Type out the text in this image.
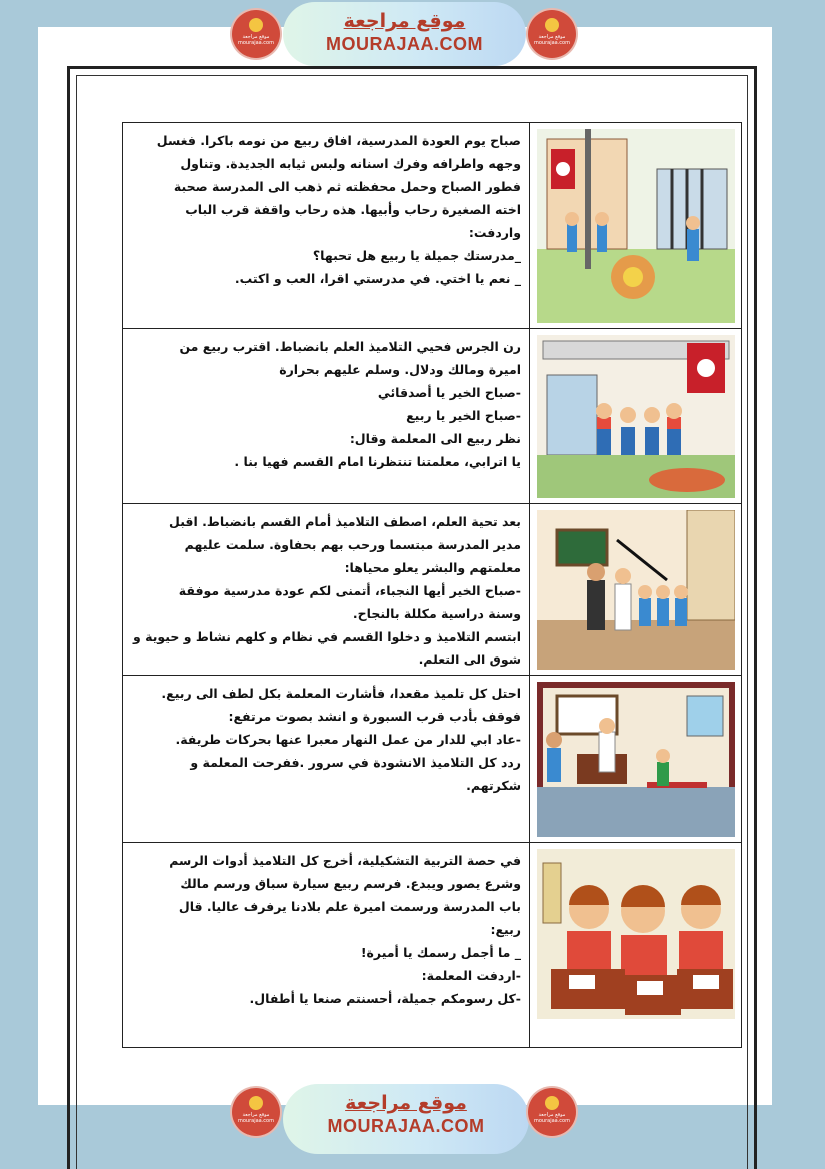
موقع مراجعة mourajaa.com
موقع مراجعة
MOURAJAA.COM	موقع مراجعة mourajaa.com

صباح يوم العودة المدرسية، افاق ربيع من نومه باكرا. فغسل

وجهه واطرافه وفرك اسنانه ولبس ثيابه الجديدة. وتناول

فطور الصباح وحمل محفظته ثم ذهب الى المدرسة صحبة

اخته الصغيرة رحاب وأبيها. هذه رحاب واقفة قرب الباب

واردفت:

_مدرستك جميلة يا ربيع هل تحبها؟

_ نعم يا اختي. في مدرستي اقرا، العب و اكتب.

رن الجرس فحيي التلاميذ العلم بانضباط. اقترب ربيع من

اميرة ومالك ودلال. وسلم عليهم بحرارة

-صباح الخير يا أصدقائي

-صباح الخير يا ربيع

نظر ربيع الى المعلمة وقال:

يا اترابي، معلمتنا تنتظرنا امام القسم فهيا بنا .

بعد تحية العلم، اصطف التلاميذ أمام القسم بانضباط. اقبل

مدير المدرسة مبتسما ورحب بهم بحفاوة. سلمت عليهم

معلمتهم والبشر يعلو محياها:

-صباح الخير أيها النجباء، أتمنى لكم عودة مدرسية موفقة

وسنة دراسية مكللة بالنجاح.

ابتسم التلاميذ و دخلوا القسم في نظام و كلهم نشاط و حيوية و

شوق الى التعلم.

احتل كل تلميذ مقعدا، فأشارت المعلمة بكل لطف الى ربيع.

فوقف بأدب قرب السبورة و انشد بصوت مرتفع:

-عاد ابي للدار من عمل النهار معبرا عنها بحركات طريفة.

ردد كل التلاميذ الانشودة في سرور .ففرحت المعلمة و

شكرتهم.

في حصة التربية التشكيلية، أخرج كل التلاميذ أدوات الرسم

وشرع يصور ويبدع. فرسم ربيع سيارة سباق ورسم مالك

باب المدرسة ورسمت اميرة علم بلادنا يرفرف عاليا. قال

ربيع:

_ ما أجمل رسمك يا أميرة!

-اردفت المعلمة:

-كل رسومكم جميلة، أحسنتم صنعا يا أطفال.

موقع مراجعة mourajaa.com
موقع مراجعة
MOURAJAA.COM
موقع مراجعة mourajaa.com
